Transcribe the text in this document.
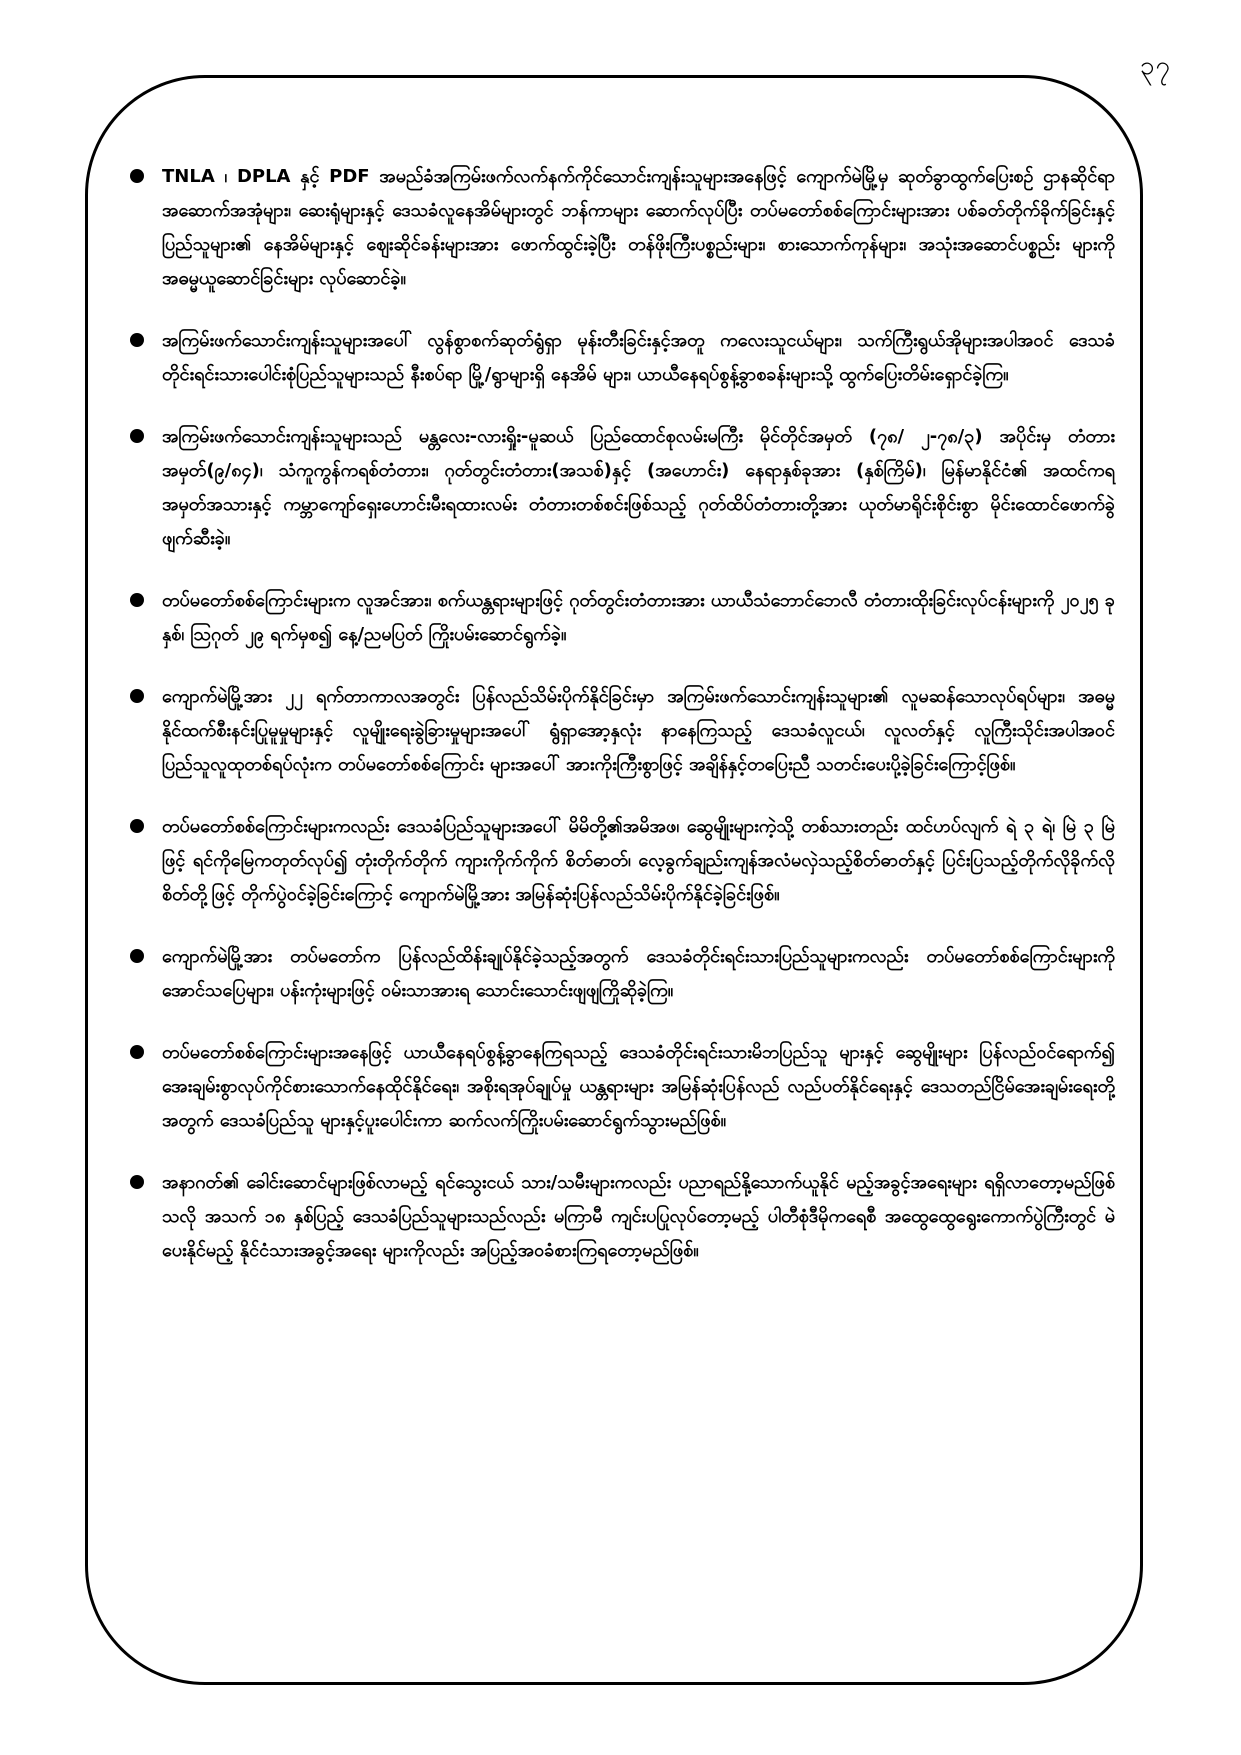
၃၇
TNLA ၊ DPLA နှင့် PDF အမည်ခံအကြမ်းဖက်လက်နက်ကိုင်သောင်းကျန်းသူများအနေဖြင့် ကျောက်မဲမြို့မှ ဆုတ်ခွာထွက်ပြေးစဉ် ဌာနဆိုင်ရာအဆောက်အအုံများ၊ ဆေးရုံများနှင့် ဒေသခံလူနေအိမ်များတွင် ဘန်ကာများ ဆောက်လုပ်ပြီး တပ်မတော်စစ်ကြောင်းများအား ပစ်ခတ်တိုက်ခိုက်ခြင်းနှင့် ပြည်သူများ၏ နေအိမ်များနှင့် ဈေးဆိုင်ခန်းများအား ဖောက်ထွင်းခဲ့ပြီး တန်ဖိုးကြီးပစ္စည်းများ၊ စားသောက်ကုန်များ၊ အသုံးအဆောင်ပစ္စည်း များကို အဓမ္မယူဆောင်ခြင်းများ လုပ်ဆောင်ခဲ့။
အကြမ်းဖက်သောင်းကျန်းသူများအပေါ် လွန်စွာစက်ဆုတ်ရွံရှာ မုန်းတီးခြင်းနှင့်အတူ ကလေးသူငယ်များ၊ သက်ကြီးရွယ်အိုများအပါအဝင် ဒေသခံတိုင်းရင်းသားပေါင်းစုံပြည်သူများသည် နီးစပ်ရာ မြို့/ရွာများရှိ နေအိမ် များ၊ ယာယီနေရပ်စွန့်ခွာစခန်းများသို့ ထွက်ပြေးတိမ်းရှောင်ခဲ့ကြ။
အကြမ်းဖက်သောင်းကျန်းသူများသည် မန္တလေး-လားရှိုး-မူဆယ် ပြည်ထောင်စုလမ်းမကြီး မိုင်တိုင်အမှတ် (၇၈/ ၂-၇၈/၃) အပိုင်းမှ တံတားအမှတ်(၉/၈၄)၊ သံကူကွန်ကရစ်တံတား၊ ဂုတ်တွင်းတံတား(အသစ်)နှင့် (အဟောင်း) နေရာနှစ်ခုအား (နှစ်ကြိမ်)၊ မြန်မာနိုင်ငံ၏ အထင်ကရအမှတ်အသားနှင့် ကမ္ဘာကျော်ရှေးဟောင်းမီးရထားလမ်း တံတားတစ်စင်းဖြစ်သည့် ဂုတ်ထိပ်တံတားတို့အား ယုတ်မာရိုင်းစိုင်းစွာ မိုင်းထောင်ဖောက်ခွဲဖျက်ဆီးခဲ့။
တပ်မတော်စစ်ကြောင်းများက လူအင်အား၊ စက်ယန္တရားများဖြင့် ဂုတ်တွင်းတံတားအား ယာယီသံဘောင်ဘေလီ တံတားထိုးခြင်းလုပ်ငန်းများကို ၂၀၂၅ ခုနှစ်၊ ဩဂုတ် ၂၉ ရက်မှစ၍ နေ့/ညမပြတ် ကြိုးပမ်းဆောင်ရွက်ခဲ့။
ကျောက်မဲမြို့အား ၂၂ ရက်တာကာလအတွင်း ပြန်လည်သိမ်းပိုက်နိုင်ခြင်းမှာ အကြမ်းဖက်သောင်းကျန်းသူများ၏ လူမဆန်သောလုပ်ရပ်များ၊ အဓမ္မနိုင်ထက်စီးနင်းပြုမူမှုများနှင့် လူမျိုးရေးခွဲခြားမှုများအပေါ် ရွံရှာအော့နှလုံး နာနေကြသည့် ဒေသခံလူငယ်၊ လူလတ်နှင့် လူကြီးသိုင်းအပါအဝင် ပြည်သူလူထုတစ်ရပ်လုံးက တပ်မတော်စစ်ကြောင်း များအပေါ် အားကိုးကြီးစွာဖြင့် အချိန်နှင့်တပြေးညီ သတင်းပေးပို့ခဲ့ခြင်းကြောင့်ဖြစ်။
တပ်မတော်စစ်ကြောင်းများကလည်း ဒေသခံပြည်သူများအပေါ် မိမိတို့၏အမိအဖ၊ ဆွေမျိုးများကဲ့သို့ တစ်သားတည်း ထင်ဟပ်လျက် ရဲ ၃ ရဲ၊ မြဲ ၃ မြဲဖြင့် ရင်ကိုမြေကတုတ်လုပ်၍ တုံးတိုက်တိုက် ကျားကိုက်ကိုက် စိတ်ဓာတ်၊ လေ့ခွက်ချည်းကျန်အလံမလှဲသည့်စိတ်ဓာတ်နှင့် ပြင်းပြသည့်တိုက်လိုခိုက်လိုစိတ်တို့ဖြင့် တိုက်ပွဲဝင်ခဲ့ခြင်းကြောင့် ကျောက်မဲမြို့အား အမြန်ဆုံးပြန်လည်သိမ်းပိုက်နိုင်ခဲ့ခြင်းဖြစ်။
ကျောက်မဲမြို့အား တပ်မတော်က ပြန်လည်ထိန်းချုပ်နိုင်ခဲ့သည့်အတွက် ဒေသခံတိုင်းရင်းသားပြည်သူများကလည်း တပ်မတော်စစ်ကြောင်းများကို အောင်သပြေများ၊ ပန်းကုံးများဖြင့် ဝမ်းသာအားရ သောင်းသောင်းဖျဖျကြိုဆိုခဲ့ကြ။
တပ်မတော်စစ်ကြောင်းများအနေဖြင့် ယာယီနေရပ်စွန့်ခွာနေကြရသည့် ဒေသခံတိုင်းရင်းသားမိဘပြည်သူ များနှင့် ဆွေမျိုးများ ပြန်လည်ဝင်ရောက်၍ အေးချမ်းစွာလုပ်ကိုင်စားသောက်နေထိုင်နိုင်ရေး၊ အစိုးရအုပ်ချုပ်မှု ယန္တရားများ အမြန်ဆုံးပြန်လည် လည်ပတ်နိုင်ရေးနှင့် ဒေသတည်ငြိမ်အေးချမ်းရေးတို့အတွက် ဒေသခံပြည်သူ များနှင့်ပူးပေါင်းကာ ဆက်လက်ကြိုးပမ်းဆောင်ရွက်သွားမည်ဖြစ်။
အနာဂတ်၏ ခေါင်းဆောင်များဖြစ်လာမည့် ရင်သွေးငယ် သား/သမီးများကလည်း ပညာရည်နို့သောက်ယူနိုင် မည့်အခွင့်အရေးများ ရရှိလာတော့မည်ဖြစ်သလို အသက် ၁၈ နှစ်ပြည့် ဒေသခံပြည်သူများသည်လည်း မကြာမီ ကျင်းပပြုလုပ်တော့မည့် ပါတီစုံဒီမိုကရေစီ အထွေထွေရွေးကောက်ပွဲကြီးတွင် မဲပေးနိုင်မည့် နိုင်ငံသားအခွင့်အရေး များကိုလည်း အပြည့်အဝခံစားကြရတော့မည်ဖြစ်။
